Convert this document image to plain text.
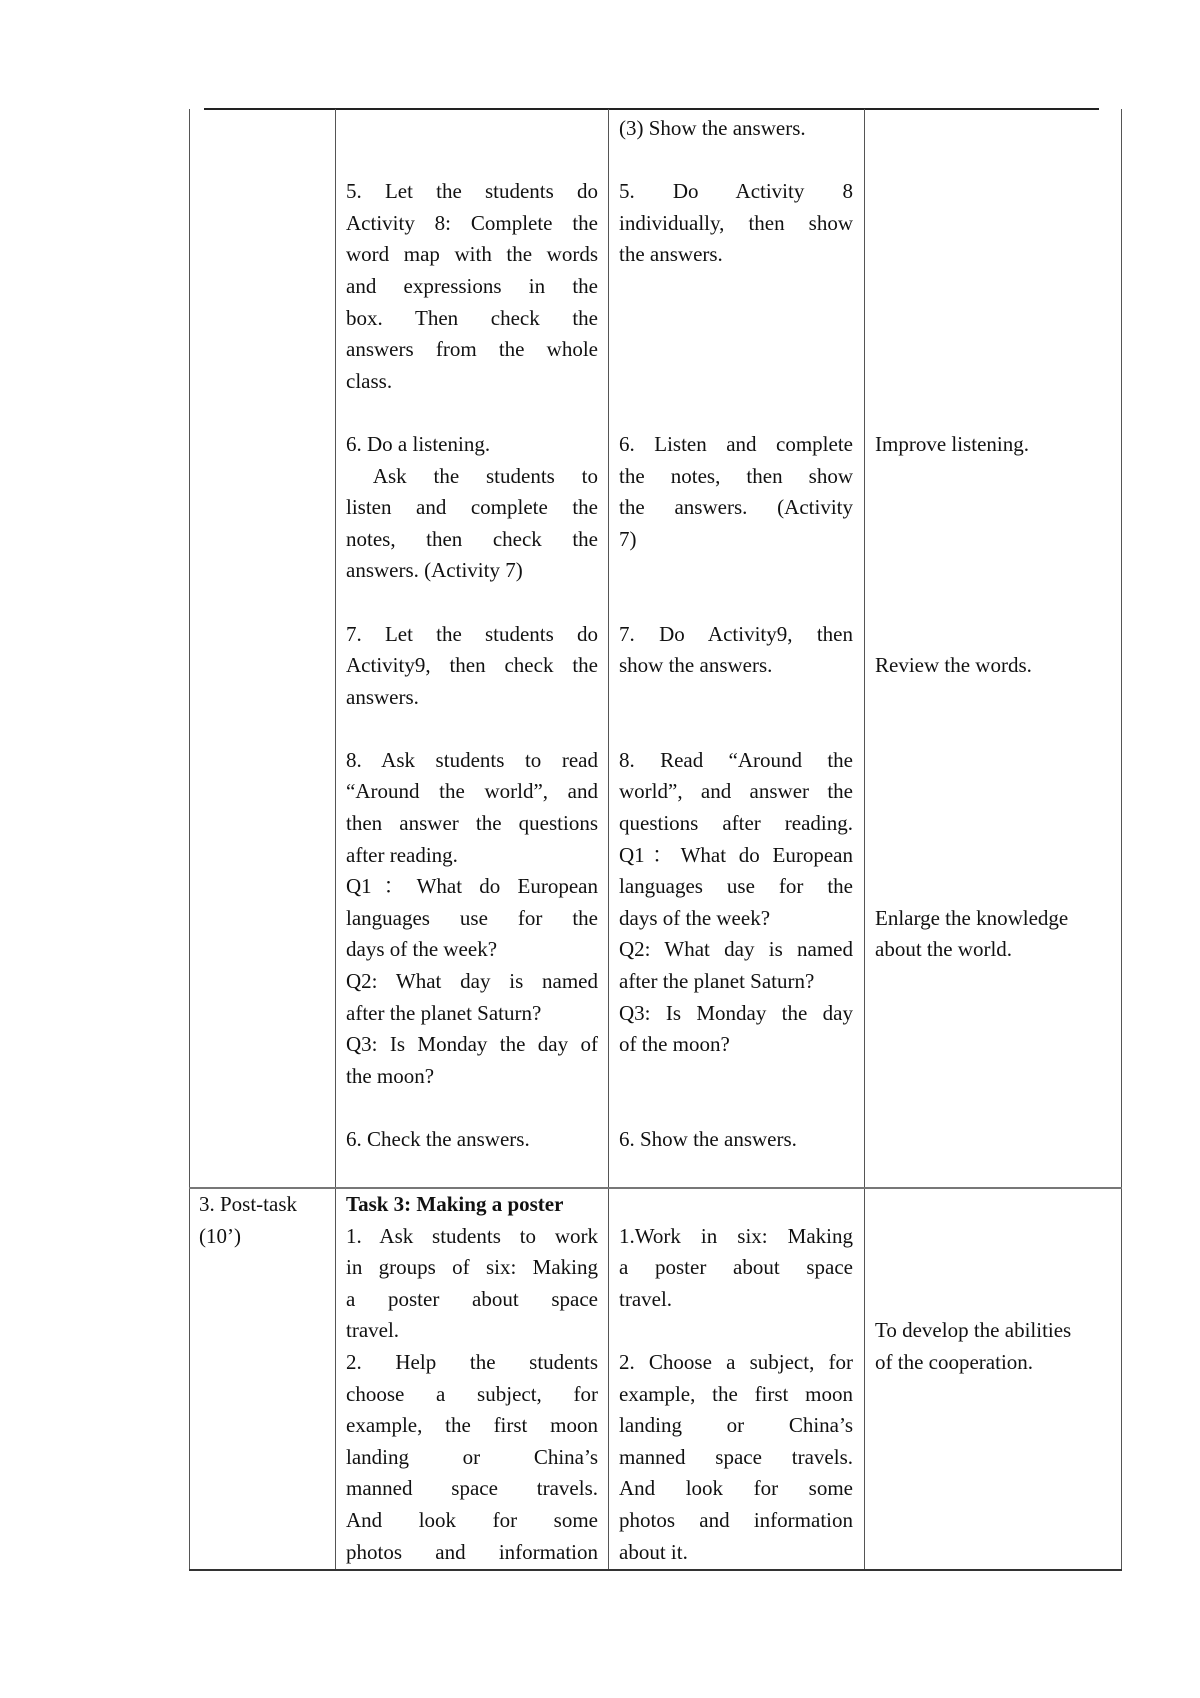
5. Let the students do
Activity 8: Complete the
word map with the words
and expressions in the
box. Then check the
answers from the whole
class.
6. Do a listening.
Ask the students to
listen and complete the
notes, then check the
answers. (Activity 7)
7. Let the students do
Activity9, then check the
answers.
8. Ask students to read
“Around the world”, and
then answer the questions
after reading.
Q1：What do European
languages use for the
days of the week?
Q2: What day is named
after the planet Saturn?
Q3: Is Monday the day of
the moon?
6. Check the answers.
(3) Show the answers.
5. Do Activity 8
individually, then show
the answers.
6. Listen and complete
the notes, then show
the answers. (Activity
7)
7. Do Activity9, then
show the answers.
8. Read “Around the
world”, and answer the
questions after reading.
Q1：What do European
languages use for the
days of the week?
Q2: What day is named
after the planet Saturn?
Q3: Is Monday the day
of the moon?
6. Show the answers.
Improve listening.
Review the words.
Enlarge the knowledge
about the world.
3. Post-task
(10’)
Task 3: Making a poster
1. Ask students to work
in groups of six: Making
a poster about space
travel.
2. Help the students
choose a subject, for
example, the first moon
landing or China’s
manned space travels.
And look for some
photos and information
1.Work in six: Making
a poster about space
travel.
2. Choose a subject, for
example, the first moon
landing or China’s
manned space travels.
And look for some
photos and information
about it.
To develop the abilities
of the cooperation.
